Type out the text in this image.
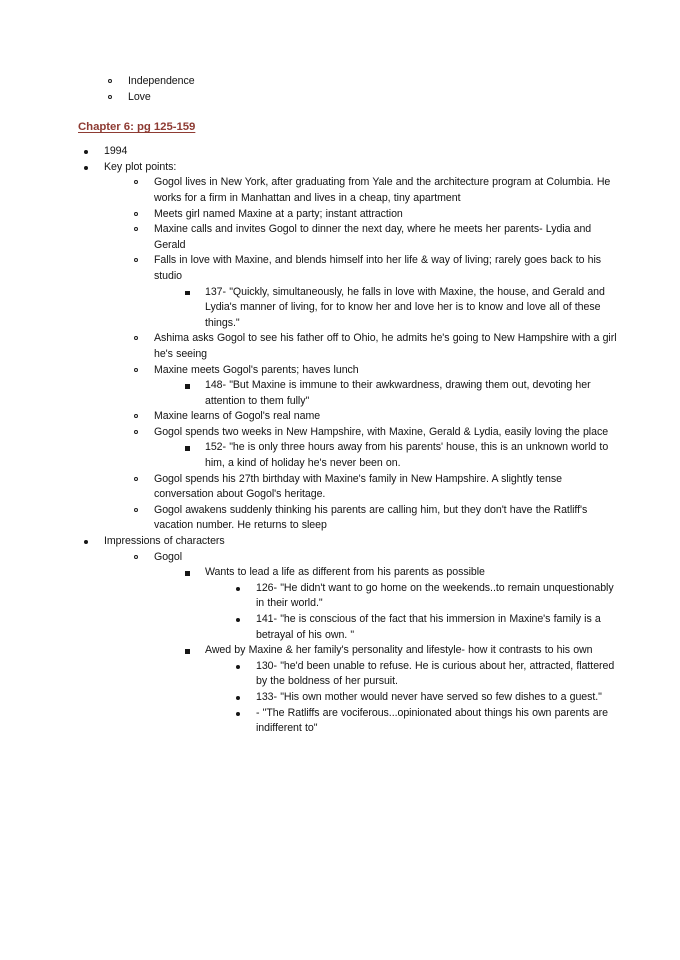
Independence
Love
Chapter 6: pg 125-159
1994
Key plot points:
Gogol lives in New York, after graduating from Yale and the architecture program at Columbia. He works for a firm in Manhattan and lives in a cheap, tiny apartment
Meets girl named Maxine at a party; instant attraction
Maxine calls and invites Gogol to dinner the next day, where he meets her parents- Lydia and Gerald
Falls in love with Maxine, and blends himself into her life & way of living; rarely goes back to his studio
137- "Quickly, simultaneously, he falls in love with Maxine, the house, and Gerald and Lydia's manner of living, for to know her and love her is to know and love all of these things."
Ashima asks Gogol to see his father off to Ohio, he admits he's going to New Hampshire with a girl he's seeing
Maxine meets Gogol's parents; haves lunch
148- "But Maxine is immune to their awkwardness, drawing them out, devoting her attention to them fully"
Maxine learns of Gogol's real name
Gogol spends two weeks in New Hampshire, with Maxine, Gerald & Lydia, easily loving the place
152- "he is only three hours away from his parents' house, this is an unknown world to him, a kind of holiday he's never been on.
Gogol spends his 27th birthday with Maxine's family in New Hampshire. A slightly tense conversation about Gogol's heritage.
Gogol awakens suddenly thinking his parents are calling him, but they don't have the Ratliff's vacation number. He returns to sleep
Impressions of characters
Gogol
Wants to lead a life as different from his parents as possible
126- "He didn't want to go home on the weekends..to remain unquestionably in their world."
141- "he is conscious of the fact that his immersion in Maxine's family is a betrayal of his own. "
Awed by Maxine & her family's personality and lifestyle- how it contrasts to his own
130- "he'd been unable to refuse. He is curious about her, attracted, flattered by the boldness of her pursuit.
133- "His own mother would never have served so few dishes to a guest."
- "The Ratliffs are vociferous...opinionated about things his own parents are indifferent to"
